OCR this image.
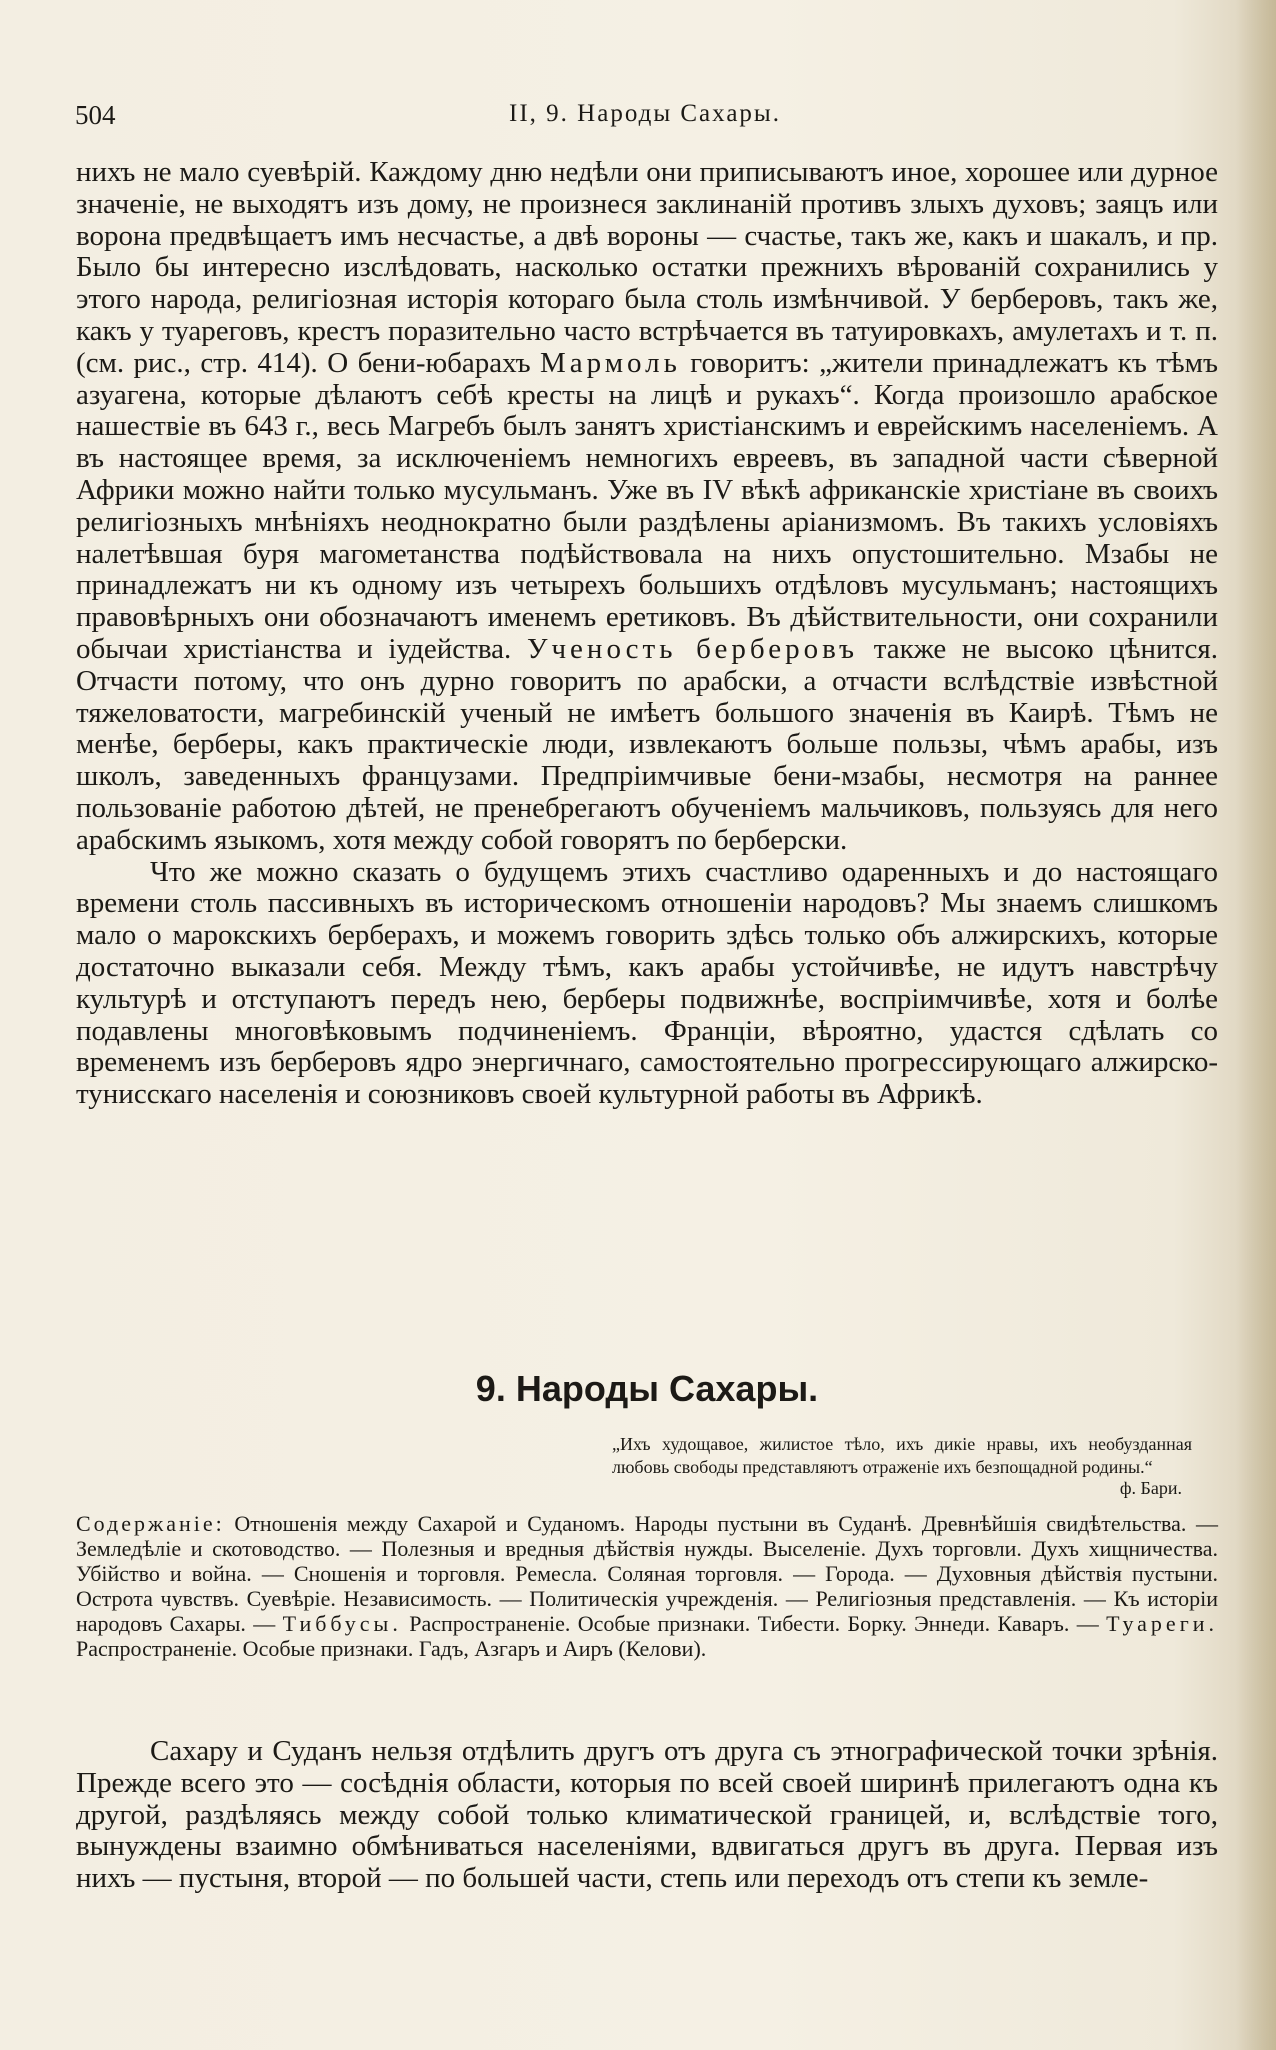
504	II, 9. Народы Сахары.

нихъ не мало суевѣрій. Каждому дню недѣли они приписываютъ иное, хорошее или дурное значеніе, не выходятъ изъ дому, не произнеся заклинаній противъ злыхъ духовъ; заяцъ или ворона предвѣщаетъ имъ несчастье, а двѣ вороны — счастье, такъ же, какъ и шакалъ, и пр. Было бы интересно изслѣдовать, насколько остатки прежнихъ вѣрованій сохранились у этого народа, религіозная исторія котораго была столь измѣнчивой. У берберовъ, такъ же, какъ у туареговъ, крестъ поразительно часто встрѣчается въ татуировкахъ, амулетахъ и т. п. (см. рис., стр. 414). О бени-юбарахъ Мармоль говоритъ: „жители принадлежатъ къ тѣмъ азуагена, которые дѣлаютъ себѣ кресты на лицѣ и рукахъ“. Когда произошло арабское нашествіе въ 643 г., весь Магребъ былъ занятъ христіанскимъ и еврейскимъ населеніемъ. А въ настоящее время, за исключеніемъ немногихъ евреевъ, въ западной части сѣверной Африки можно найти только мусульманъ. Уже въ IV вѣкѣ африканскіе христіане въ своихъ религіозныхъ мнѣніяхъ неоднократно были раздѣлены аріанизмомъ. Въ такихъ условіяхъ налетѣвшая буря магометанства подѣйствовала на нихъ опустошительно. Мзабы не принадлежатъ ни къ одному изъ четырехъ большихъ отдѣловъ мусульманъ; настоящихъ правовѣрныхъ они обозначаютъ именемъ еретиковъ. Въ дѣйствительности, они сохранили обычаи христіанства и іудейства. Ученость берберовъ также не высоко цѣнится. Отчасти потому, что онъ дурно говоритъ по арабски, а отчасти вслѣдствіе извѣстной тяжеловатости, магребинскій ученый не имѣетъ большого значенія въ Каирѣ. Тѣмъ не менѣе, берберы, какъ практическіе люди, извлекаютъ больше пользы, чѣмъ арабы, изъ школъ, заведенныхъ французами. Предпріимчивые бени-мзабы, несмотря на раннее пользованіе работою дѣтей, не пренебрегаютъ обученіемъ мальчиковъ, пользуясь для него арабскимъ языкомъ, хотя между собой говорятъ по берберски.

Что же можно сказать о будущемъ этихъ счастливо одаренныхъ и до настоящаго времени столь пассивныхъ въ историческомъ отношеніи народовъ? Мы знаемъ слишкомъ мало о марокскихъ берберахъ, и можемъ говорить здѣсь только объ алжирскихъ, которые достаточно выказали себя. Между тѣмъ, какъ арабы устойчивѣе, не идутъ навстрѣчу культурѣ и отступаютъ передъ нею, берберы подвижнѣе, воспріимчивѣе, хотя и болѣе подавлены многовѣковымъ подчиненіемъ. Франціи, вѣроятно, удастся сдѣлать со временемъ изъ берберовъ ядро энергичнаго, самостоятельно прогрессирующаго алжирско-тунисскаго населенія и союзниковъ своей культурной работы въ Африкѣ.

9. Народы Сахары.
„Ихъ худощавое, жилистое тѣло, ихъ дикіе нравы, ихъ необузданная любовь свободы представляютъ отраженіе ихъ безпощадной родины.“
ф. Бари.
Содержаніе: Отношенія между Сахарой и Суданомъ. Народы пустыни въ Суданѣ. Древнѣйшія свидѣтельства. — Земледѣліе и скотоводство. — Полезныя и вредныя дѣйствія нужды. Выселеніе. Духъ торговли. Духъ хищничества. Убійство и война. — Сношенія и торговля. Ремесла. Соляная торговля. — Города. — Духовныя дѣйствія пустыни. Острота чувствъ. Суевѣріе. Независимость. — Политическія учрежденія. — Религіозныя представленія. — Къ исторіи народовъ Сахары. — Тиббусы. Распространеніе. Особые признаки. Тибести. Борку. Эннеди. Каваръ. — Туареги. Распространеніе. Особые признаки. Гадъ, Азгаръ и Аиръ (Келови).
Сахару и Суданъ нельзя отдѣлить другъ отъ друга съ этнографической точки зрѣнія. Прежде всего это — сосѣднія области, которыя по всей своей ширинѣ прилегаютъ одна къ другой, раздѣляясь между собой только климатической границей, и, вслѣдствіе того, вынуждены взаимно обмѣниваться населеніями, вдвигаться другъ въ друга. Первая изъ нихъ — пустыня, второй — по большей части, степь или переходъ отъ степи къ земле-
